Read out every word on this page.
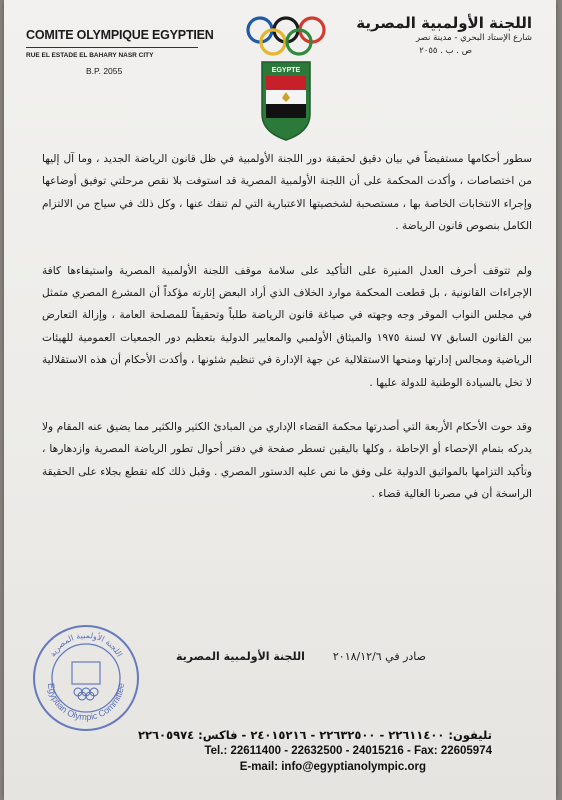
COMITE OLYMPIQUE EGYPTIEN
RUE EL ESTADE EL BAHARY NASR CITY
B.P. 2055	EGYPTE
اللجنة الأولمبية المصرية
شارع الإستاد البحري - مدينة نصر
ص . ب . ٢٠٥٥

سطور أحكامها مستفيضاً في بيان دقيق لحقيقة دور اللجنة الأولمبية في ظل قانون الرياضة الجديد ، وما آل إليها من اختصاصات ، وأكدت المحكمة على أن اللجنة الأولمبية المصرية قد استوفت بلا نقص مرحلتي توفيق أوضاعها وإجراء الانتخابات الخاصة بها ، مستصحبة لشخصيتها الاعتبارية التي لم تنفك عنها ، وكل ذلك في سياج من الالتزام الكامل بنصوص قانون الرياضة .

ولم تتوقف أحرف العدل المنيرة على التأكيد على سلامة موقف اللجنة الأولمبية المصرية واستيفاءها كافة الإجراءات القانونية ، بل قطعت المحكمة موارد الخلاف الذي أراد البعض إثارته مؤكداً أن المشرع المصري متمثل في مجلس النواب الموقر وجه وجهته في صياغة قانون الرياضة طلباً وتحقيقاً للمصلحة العامة ، وإزالة التعارض بين القانون السابق ٧٧ لسنة ١٩٧٥ والميثاق الأولمبي والمعايير الدولية بتعظيم دور الجمعيات العمومية للهيئات الرياضية ومجالس إدارتها ومنحها الاستقلالية عن جهة الإدارة في تنظيم شئونها ، وأكدت الأحكام أن هذه الاستقلالية لا تخل بالسيادة الوطنية للدولة عليها .

وقد حوت الأحكام الأربعة التي أصدرتها محكمة القضاء الإداري من المبادئ الكثير والكثير مما يضيق عنه المقام ولا يدركه بتمام الإحصاء أو الإحاطة ، وكلها باليقين تسطر صفحة في دفتر أحوال تطور الرياضة المصرية وازدهارها ، وتأكيد التزامها بالمواثيق الدولية على وفق ما نص عليه الدستور المصري . وقبل ذلك كله تقطع بجلاء على الحقيقة الراسخة أن في مصرنا الغالية قضاء .

صادر في ٢٠١٨/١٢/٦
اللجنة الأولمبية المصرية
Egyptian Olympic Committee
اللجنة الأولمبية المصرية
تليفون: ٢٢٦١١٤٠٠ - ٢٢٦٣٢٥٠٠ - ٢٤٠١٥٢١٦ - فاكس: ٢٢٦٠٥٩٧٤
Tel.: 22611400 - 22632500 - 24015216 - Fax: 22605974
E-mail: info@egyptianolympic.org
